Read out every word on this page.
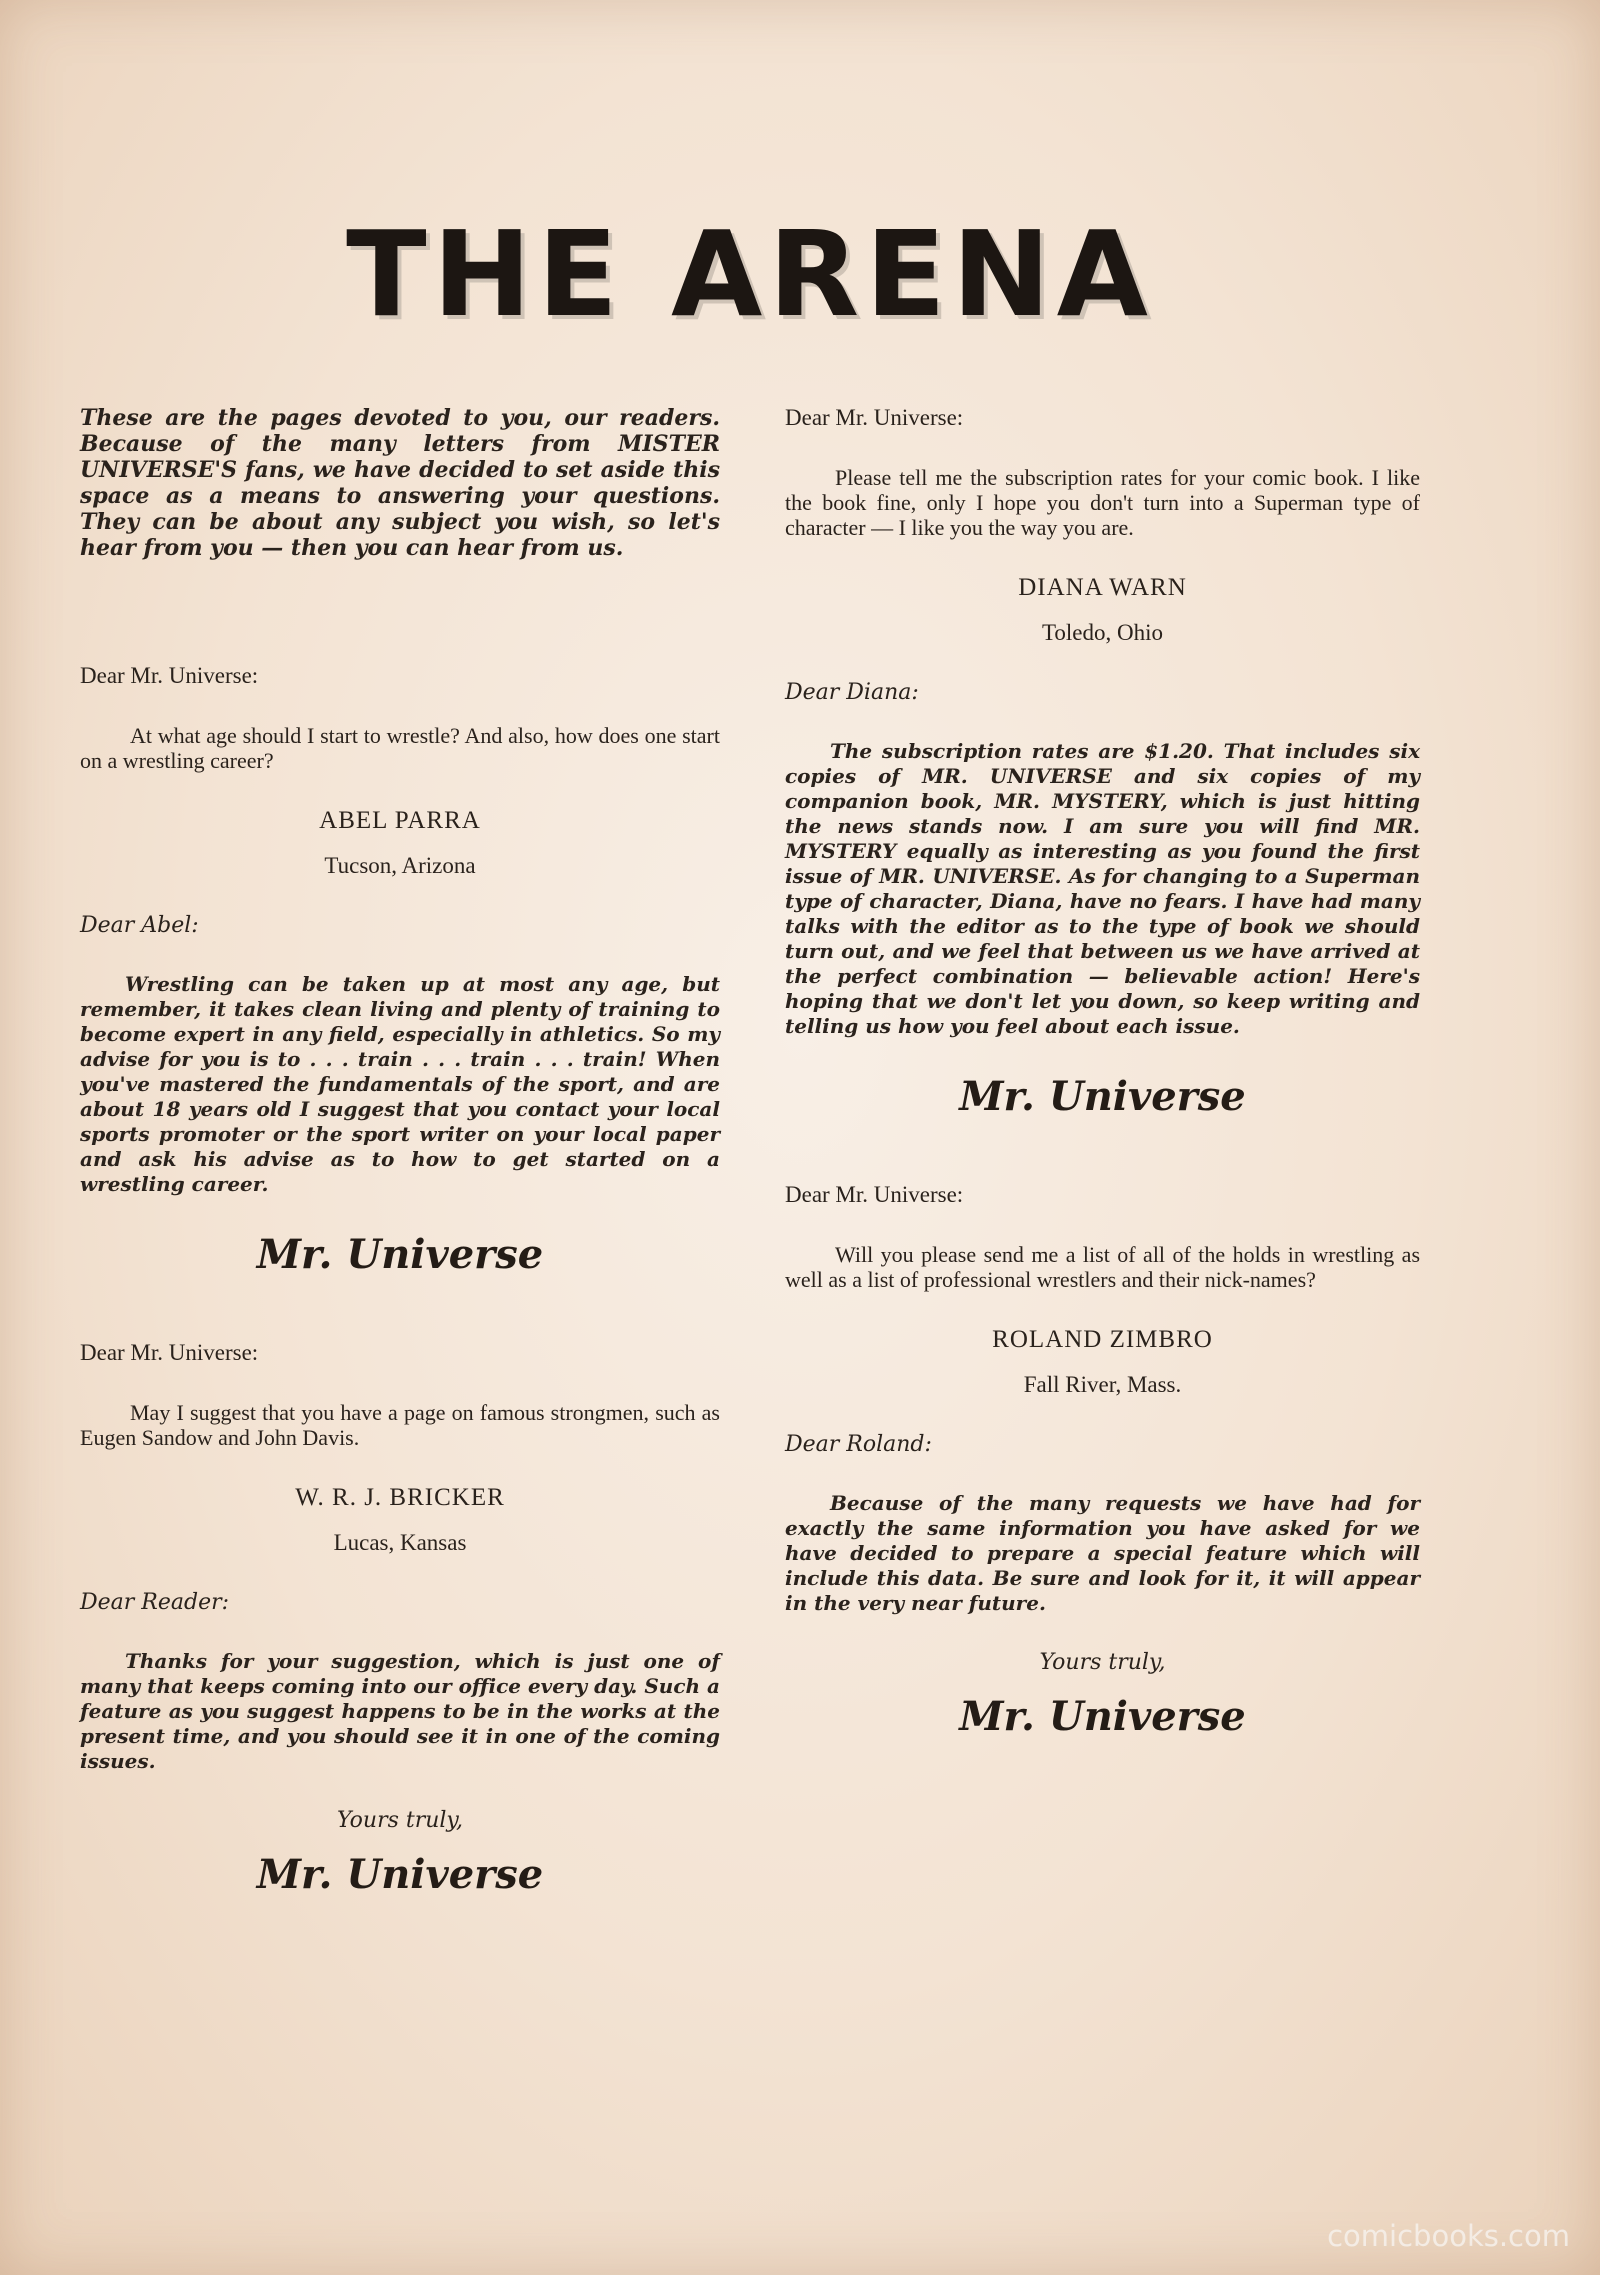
THE ARENA

These are the pages devoted to you, our readers. Because of the many letters from MISTER UNIVERSE'S fans, we have decided to set aside this space as a means to answering your questions. They can be about any subject you wish, so let's hear from you — then you can hear from us.

Dear Mr. Universe:

At what age should I start to wrestle? And also, how does one start on a wrestling career?

ABEL PARRA

Tucson, Arizona

Dear Abel:

Wrestling can be taken up at most any age, but remember, it takes clean living and plenty of training to become expert in any field, especially in athletics. So my advise for you is to . . . train . . . train . . . train! When you've mastered the fundamentals of the sport, and are about 18 years old I suggest that you contact your local sports promoter or the sport writer on your local paper and ask his advise as to how to get started on a wrestling career.

Mr. Universe

Dear Mr. Universe:

May I suggest that you have a page on famous strongmen, such as Eugen Sandow and John Davis.

W. R. J. BRICKER

Lucas, Kansas

Dear Reader:

Thanks for your suggestion, which is just one of many that keeps coming into our office every day. Such a feature as you suggest happens to be in the works at the present time, and you should see it in one of the coming issues.

Yours truly,

Mr. Universe

Dear Mr. Universe:

Please tell me the subscription rates for your comic book. I like the book fine, only I hope you don't turn into a Superman type of character — I like you the way you are.

DIANA WARN

Toledo, Ohio

Dear Diana:

The subscription rates are $1.20. That includes six copies of MR. UNIVERSE and six copies of my companion book, MR. MYSTERY, which is just hitting the news stands now. I am sure you will find MR. MYSTERY equally as interesting as you found the first issue of MR. UNIVERSE. As for changing to a Superman type of character, Diana, have no fears. I have had many talks with the editor as to the type of book we should turn out, and we feel that between us we have arrived at the perfect combination — believable action! Here's hoping that we don't let you down, so keep writing and telling us how you feel about each issue.

Mr. Universe

Dear Mr. Universe:

Will you please send me a list of all of the holds in wrestling as well as a list of professional wrestlers and their nick-names?

ROLAND ZIMBRO

Fall River, Mass.

Dear Roland:

Because of the many requests we have had for exactly the same information you have asked for we have decided to prepare a special feature which will include this data. Be sure and look for it, it will appear in the very near future.

Yours truly,

Mr. Universe

comicbooks.com
